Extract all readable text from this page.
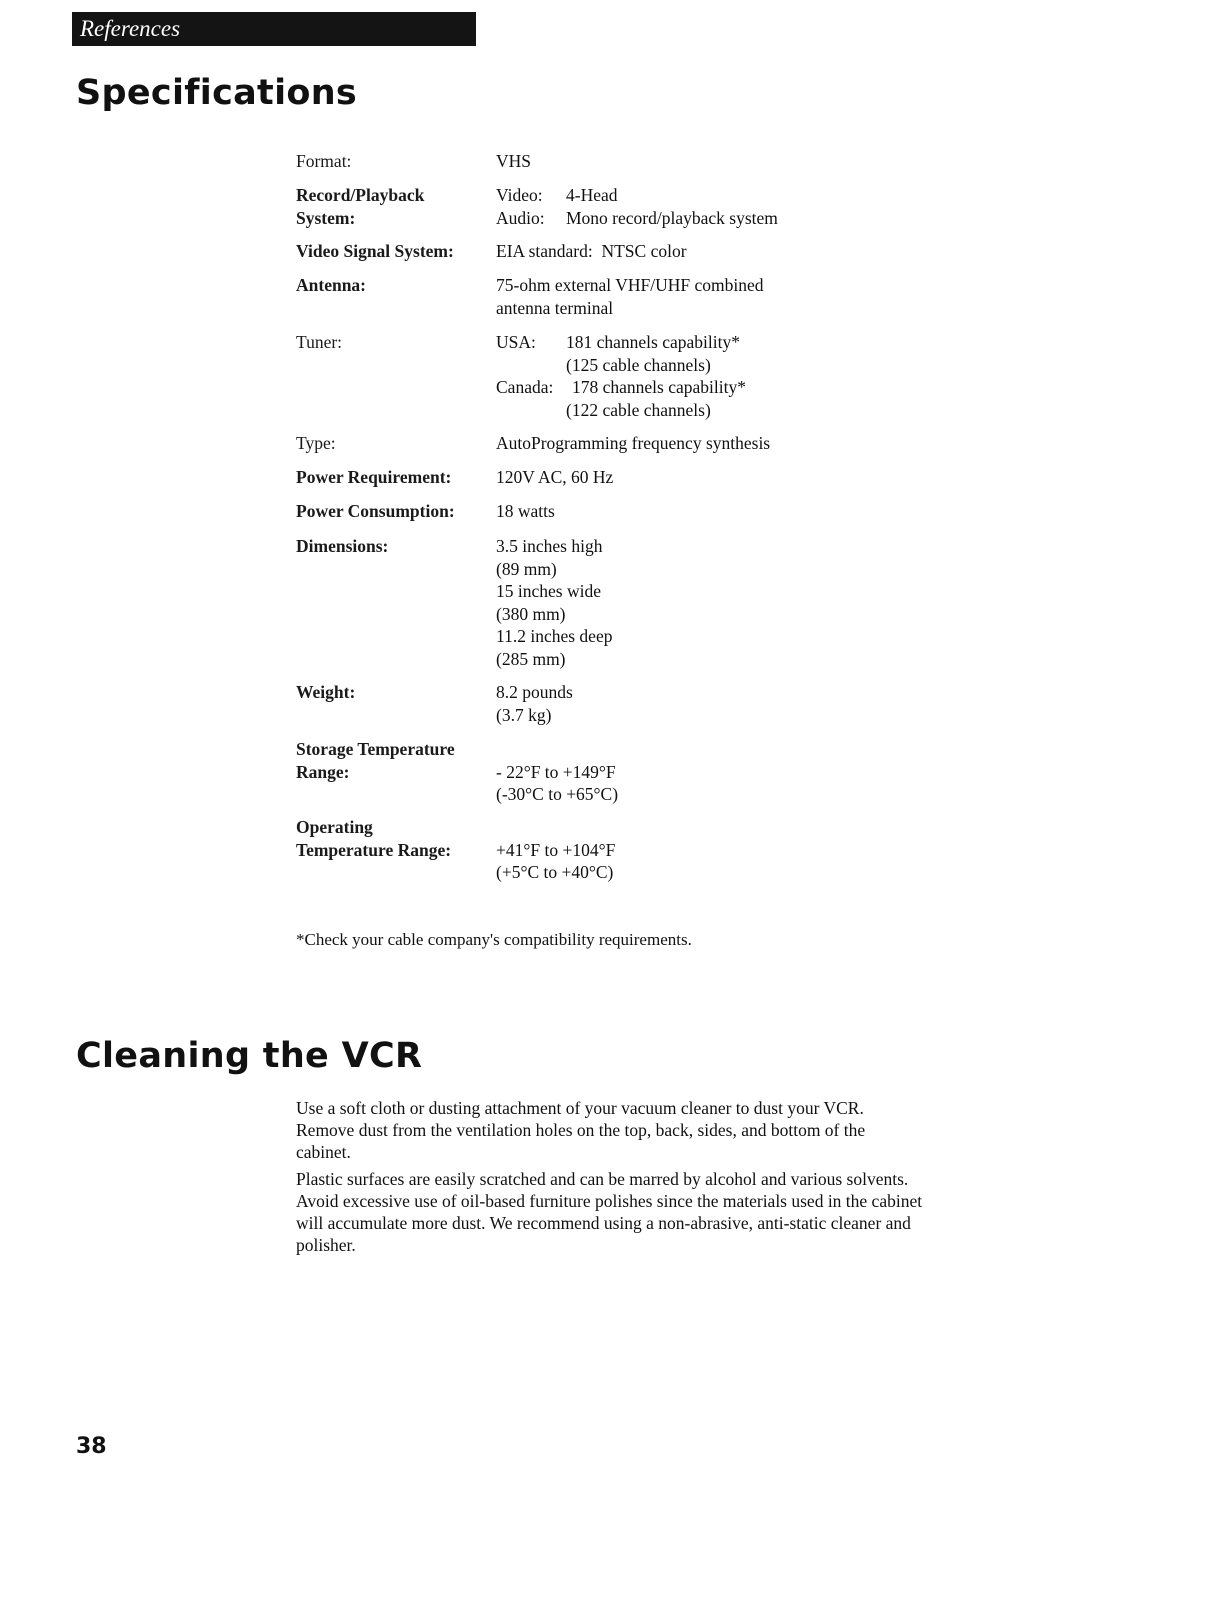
References
Specifications
Format:	VHS
Record/Playback
System:
Video: 4-Head
Audio: Mono record/playback system
Video Signal System:	EIA standard:  NTSC color
Antenna:	75-ohm external VHF/UHF combined
antenna terminal
Tuner:	USA: 181 channels capability*
(125 cable channels)
Canada: 178 channels capability*
(122 cable channels)
Type:	AutoProgramming frequency synthesis
Power Requirement:	120V AC, 60 Hz
Power Consumption:	18 watts
Dimensions:	3.5 inches high
(89 mm)
15 inches wide
(380 mm)
11.2 inches deep
(285 mm)
Weight:	8.2 pounds
(3.7 kg)
Storage Temperature
Range:	- 22°F to +149°F
(-30°C to +65°C)
Operating
Temperature Range:	+41°F to +104°F
(+5°C to +40°C)
*Check your cable company's compatibility requirements.
Cleaning the VCR

Use a soft cloth or dusting attachment of your vacuum cleaner to dust your VCR. Remove dust from the ventilation holes on the top, back, sides, and bottom of the cabinet.

Plastic surfaces are easily scratched and can be marred by alcohol and various solvents. Avoid excessive use of oil-based furniture polishes since the materials used in the cabinet will accumulate more dust. We recommend using a non-abrasive, anti-static cleaner and polisher.

38
